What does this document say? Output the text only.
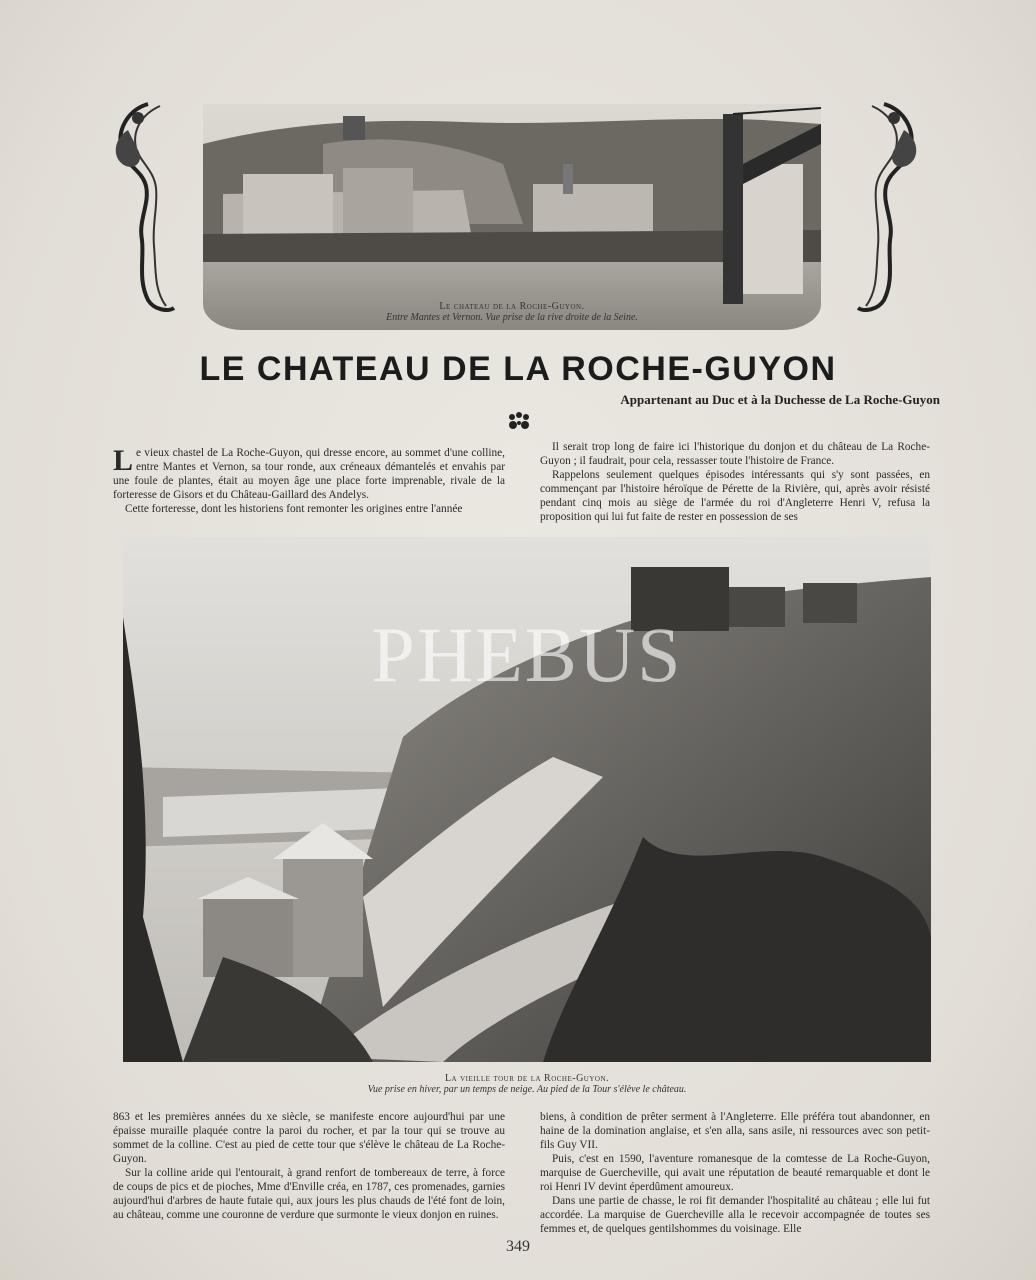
Le chateau de la Roche-Guyon.
Entre Mantes et Vernon. Vue prise de la rive droite de la Seine.
LE CHATEAU DE LA ROCHE-GUYON
Appartenant au Duc et à la Duchesse de La Roche-Guyon

Le vieux chastel de La Roche-Guyon, qui dresse encore, au sommet d'une colline, entre Mantes et Vernon, sa tour ronde, aux créneaux démantelés et envahis par une foule de plantes, était au moyen âge une place forte imprenable, rivale de la forteresse de Gisors et du Château-Gaillard des Andelys.

Cette forteresse, dont les historiens font remonter les origines entre l'année

Il serait trop long de faire ici l'historique du donjon et du château de La Roche-Guyon ; il faudrait, pour cela, ressasser toute l'histoire de France.

Rappelons seulement quelques épisodes intéressants qui s'y sont passées, en commençant par l'histoire héroïque de Pérette de la Rivière, qui, après avoir résisté pendant cinq mois au siège de l'armée du roi d'Angleterre Henri V, refusa la proposition qui lui fut faite de rester en possession de ses

PHEBUS
La vieille tour de la Roche-Guyon.
Vue prise en hiver, par un temps de neige. Au pied de la Tour s'élève le château.

863 et les premières années du xe siècle, se manifeste encore aujourd'hui par une épaisse muraille plaquée contre la paroi du rocher, et par la tour qui se trouve au sommet de la colline. C'est au pied de cette tour que s'élève le château de La Roche-Guyon.

Sur la colline aride qui l'entourait, à grand renfort de tombereaux de terre, à force de coups de pics et de pioches, Mme d'Enville créa, en 1787, ces promenades, garnies aujourd'hui d'arbres de haute futaie qui, aux jours les plus chauds de l'été font de loin, au château, comme une couronne de verdure que surmonte le vieux donjon en ruines.

biens, à condition de prêter serment à l'Angleterre. Elle préféra tout abandonner, en haine de la domination anglaise, et s'en alla, sans asile, ni ressources avec son petit-fils Guy VII.

Puis, c'est en 1590, l'aventure romanesque de la comtesse de La Roche-Guyon, marquise de Guercheville, qui avait une réputation de beauté remarquable et dont le roi Henri IV devint éperdûment amoureux.

Dans une partie de chasse, le roi fit demander l'hospitalité au château ; elle lui fut accordée. La marquise de Guercheville alla le recevoir accompagnée de toutes ses femmes et, de quelques gentilshommes du voisinage. Elle

349
